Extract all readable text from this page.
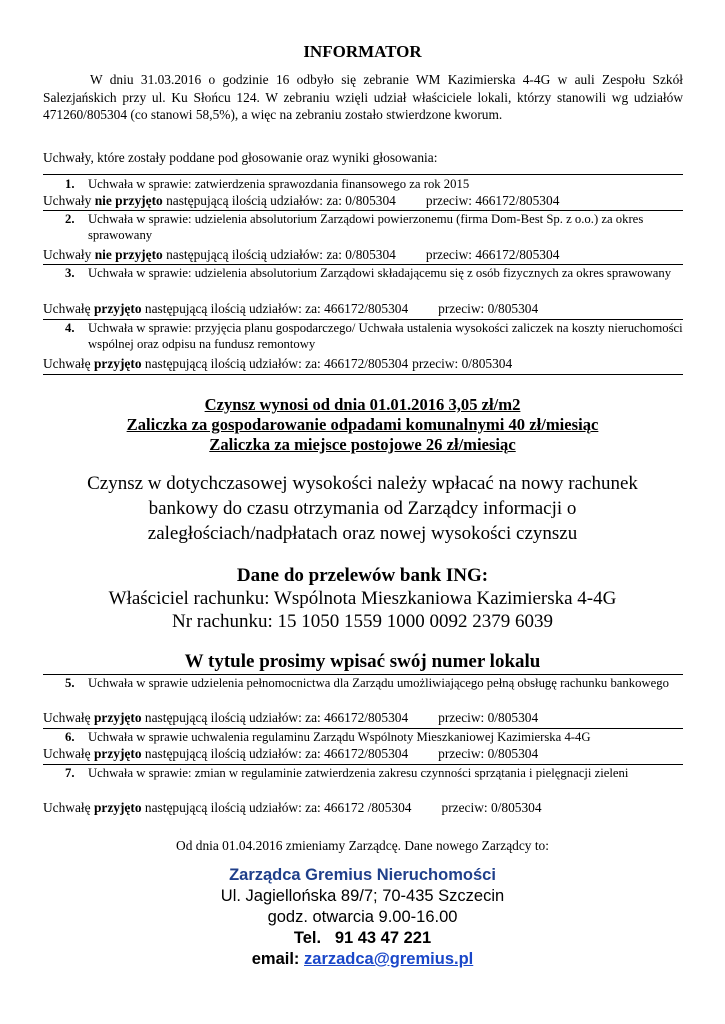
INFORMATOR

W dniu 31.03.2016 o godzinie 16 odbyło się zebranie WM Kazimierska 4-4G w auli Zespołu Szkół Salezjańskich przy ul. Ku Słońcu 124. W zebraniu wzięli udział właściciele lokali, którzy stanowili wg udziałów 471260/805304 (co stanowi 58,5%), a więc na zebraniu zostało stwierdzone kworum.

Uchwały, które zostały poddane pod głosowanie oraz wyniki głosowania:
1. Uchwała w sprawie: zatwierdzenia sprawozdania finansowego za rok 2015
Uchwały nie przyjęto następującą ilością udziałów: za: 0/805304 przeciw: 466172/805304
2. Uchwała w sprawie: udzielenia absolutorium Zarządowi powierzonemu (firma Dom-Best Sp. z o.o.) za okres sprawowany
Uchwały nie przyjęto następującą ilością udziałów: za: 0/805304 przeciw: 466172/805304
3. Uchwała w sprawie: udzielenia absolutorium Zarządowi składającemu się z osób fizycznych za okres sprawowany
Uchwałę przyjęto następującą ilością udziałów: za: 466172/805304 przeciw: 0/805304
4. Uchwała w sprawie: przyjęcia planu gospodarczego/ Uchwała ustalenia wysokości zaliczek na koszty nieruchomości wspólnej oraz odpisu na fundusz remontowy
Uchwałę przyjęto następującą ilością udziałów: za: 466172/805304 przeciw: 0/805304
Czynsz wynosi od dnia 01.01.2016 3,05 zł/m2
Zaliczka za gospodarowanie odpadami komunalnymi 40 zł/miesiąc
Zaliczka za miejsce postojowe 26 zł/miesiąc
Czynsz w dotychczasowej wysokości należy wpłacać na nowy rachunek
bankowy do czasu otrzymania od Zarządcy informacji o
zaległościach/nadpłatach oraz nowej wysokości czynszu
Dane do przelewów bank ING:
Właściciel rachunku: Wspólnota Mieszkaniowa Kazimierska 4-4G
Nr rachunku: 15 1050 1559 1000 0092 2379 6039
W tytule prosimy wpisać swój numer lokalu
5. Uchwała w sprawie udzielenia pełnomocnictwa dla Zarządu umożliwiającego pełną obsługę rachunku bankowego
Uchwałę przyjęto następującą ilością udziałów: za: 466172/805304 przeciw: 0/805304
6. Uchwała w sprawie uchwalenia regulaminu Zarządu Wspólnoty Mieszkaniowej Kazimierska 4-4G
Uchwałę przyjęto następującą ilością udziałów: za: 466172/805304 przeciw: 0/805304
7. Uchwała w sprawie: zmian w regulaminie zatwierdzenia zakresu czynności sprzątania i pielęgnacji zieleni
Uchwałę przyjęto następującą ilością udziałów: za: 466172 /805304 przeciw: 0/805304
Od dnia 01.04.2016 zmieniamy Zarządcę. Dane nowego Zarządcy to:
Zarządca Gremius Nieruchomości
Ul. Jagiellońska 89/7; 70-435 Szczecin
godz. otwarcia 9.00-16.00
Tel. 91 43 47 221
email: zarzadca@gremius.pl
